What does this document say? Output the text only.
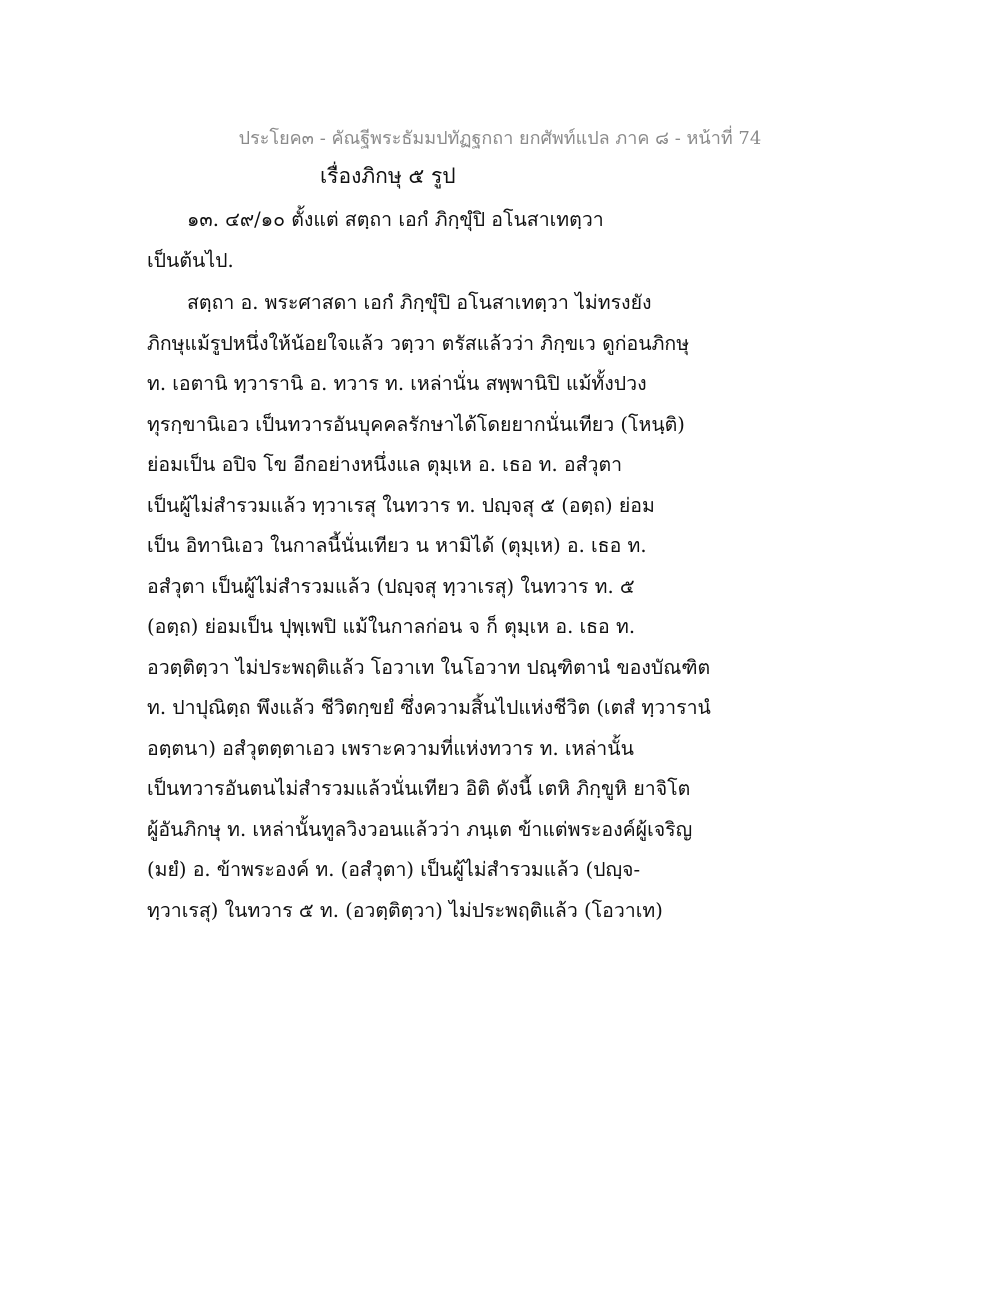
ประโยค๓ - คัณฐีพระธัมมปทัฏฐกถา ยกศัพท์แปล ภาค ๘ - หน้าที่ 74
เรื่องภิกษุ ๕ รูป
๑๓. ๔๙/๑๐ ตั้งแต่ สตฺถา เอกํ ภิกฺขุํปิ อโนสาเทตฺวา
เป็นต้นไป.
สตฺถา อ. พระศาสดา เอกํ ภิกฺขุํปิ อโนสาเทตฺวา ไม่ทรงยัง
ภิกษุแม้รูปหนึ่งให้น้อยใจแล้ว วตฺวา ตรัสแล้วว่า ภิกฺขเว ดูก่อนภิกษุ
ท. เอตานิ ทฺวารานิ อ. ทวาร ท. เหล่านั่น สพฺพานิปิ แม้ทั้งปวง
ทุรกฺขานิเอว เป็นทวารอันบุคคลรักษาได้โดยยากนั่นเทียว (โหนฺติ)
ย่อมเป็น อปิจ โข อีกอย่างหนึ่งแล ตุมฺเห อ. เธอ ท. อสํวุตา
เป็นผู้ไม่สำรวมแล้ว ทฺวาเรสุ ในทวาร ท. ปญฺจสุ ๕ (อตฺถ) ย่อม
เป็น อิทานิเอว ในกาลนี้นั่นเทียว น หามิได้ (ตุมฺเห) อ. เธอ ท.
อสํวุตา เป็นผู้ไม่สำรวมแล้ว (ปญฺจสุ ทฺวาเรสุ) ในทวาร ท. ๕
(อตฺถ) ย่อมเป็น ปุพฺเพปิ แม้ในกาลก่อน จ ก็ ตุมฺเห อ. เธอ ท.
อวตฺติตฺวา ไม่ประพฤติแล้ว โอวาเท ในโอวาท ปณฺฑิตานํ ของบัณฑิต
ท. ปาปุณิตฺถ พึงแล้ว ชีวิตกฺขยํ ซึ่งความสิ้นไปแห่งชีวิต (เตสํ ทฺวารานํ
อตฺตนา) อสํวุตตฺตาเอว เพราะความที่แห่งทวาร ท. เหล่านั้น
เป็นทวารอันตนไม่สำรวมแล้วนั่นเทียว อิติ ดังนี้ เตหิ ภิกฺขูหิ ยาจิโต
ผู้อันภิกษุ ท. เหล่านั้นทูลวิงวอนแล้วว่า ภนฺเต ข้าแต่พระองค์ผู้เจริญ
(มยํ) อ. ข้าพระองค์ ท. (อสํวุตา) เป็นผู้ไม่สำรวมแล้ว (ปญฺจ-
ทฺวาเรสุ) ในทวาร ๕ ท. (อวตฺติตฺวา) ไม่ประพฤติแล้ว (โอวาเท)
